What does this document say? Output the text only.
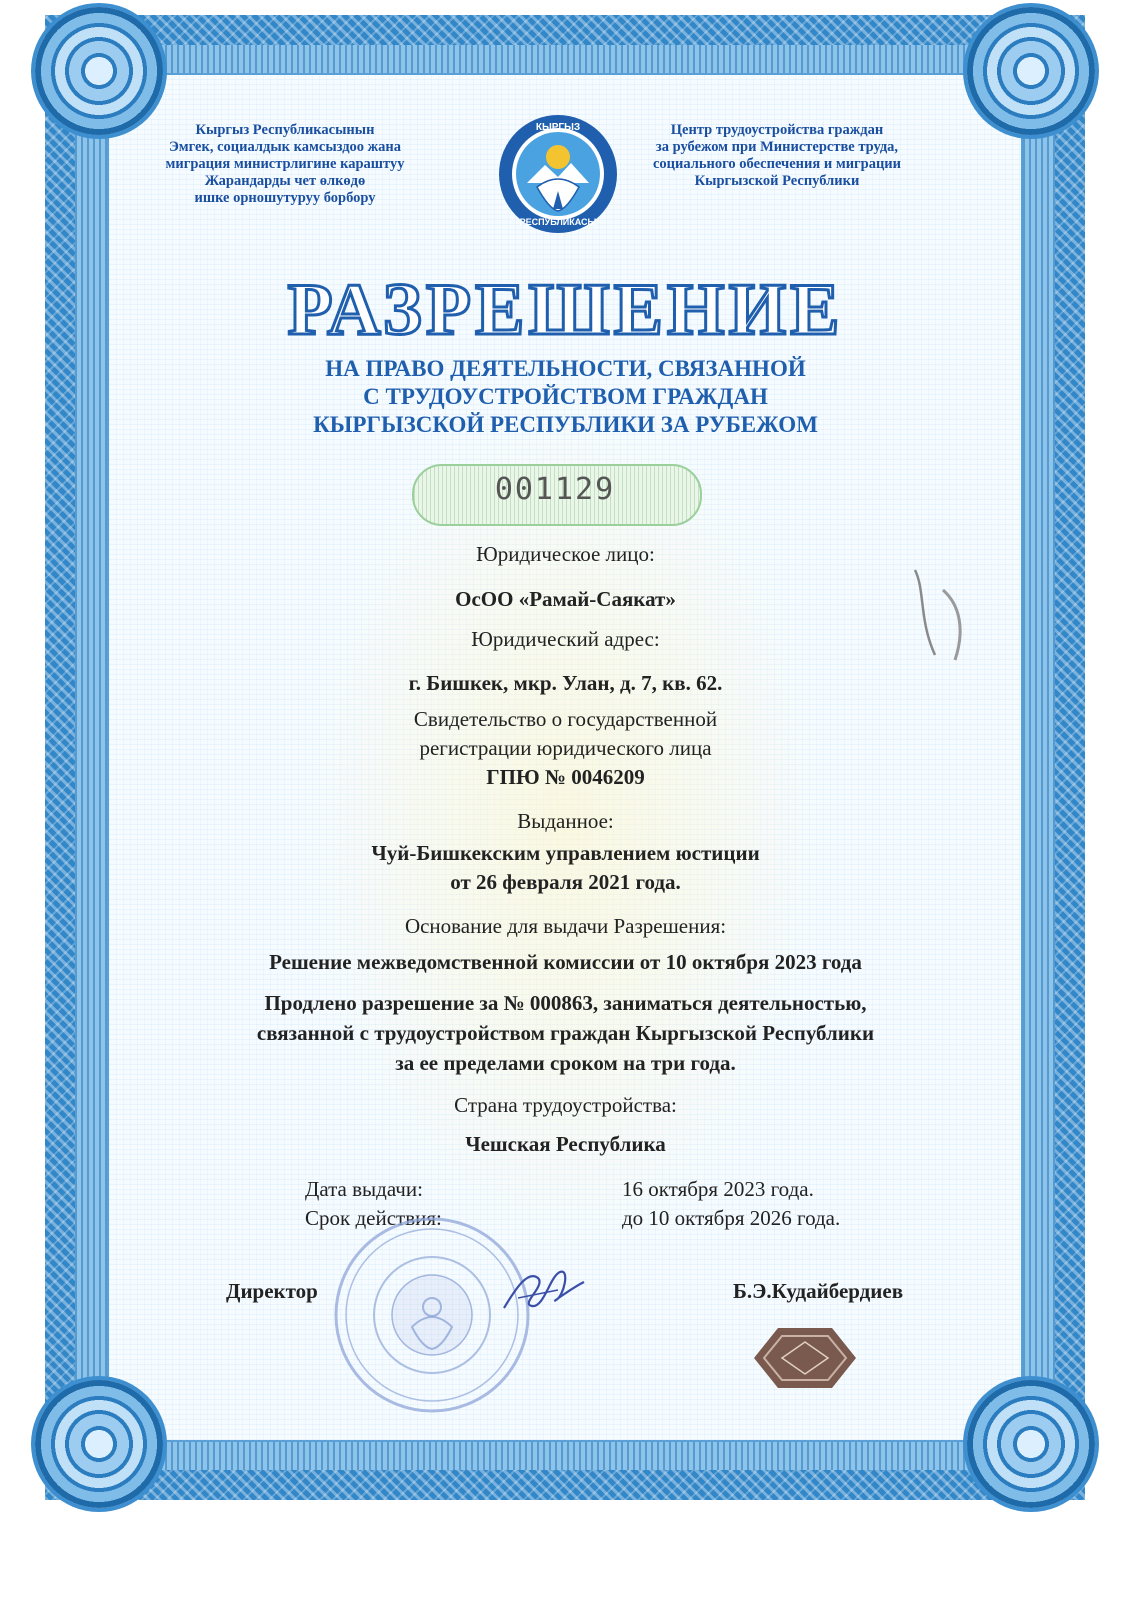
Кыргыз Республикасынын
Эмгек, социалдык камсыздоо жана
миграция министрлигине караштуу
Жарандарды чет өлкөдө
ишке орношутуруу борбору
КЫРГЫЗ
РЕСПУБЛИКАСЫ
Центр трудоустройства граждан
за рубежом при Министерстве труда,
социального обеспечения и миграции
Кыргызской Республики
РАЗРЕШЕНИЕ
НА ПРАВО ДЕЯТЕЛЬНОСТИ, СВЯЗАННОЙ
С ТРУДОУСТРОЙСТВОМ ГРАЖДАН
КЫРГЫЗСКОЙ РЕСПУБЛИКИ ЗА РУБЕЖОМ
001129
Юридическое лицо:
ОсОО «Рамай-Саякат»
Юридический адрес:
г. Бишкек, мкр. Улан, д. 7, кв. 62.
Свидетельство о государственной
регистрации юридического лица
ГПЮ № 0046209
Выданное:
Чуй-Бишкекским управлением юстиции
от 26 февраля 2021 года.
Основание для выдачи Разрешения:
Решение межведомственной комиссии от 10 октября 2023 года
Продлено разрешение за № 000863, заниматься деятельностью,
связанной с трудоустройством граждан Кыргызской Республики
за ее пределами сроком на три года.
Страна трудоустройства:
Чешская Республика
Дата выдачи:	16 октября 2023 года.
Срок действия:	до 10 октября 2026 года.
Директор	Б.Э.Кудайбердиев
